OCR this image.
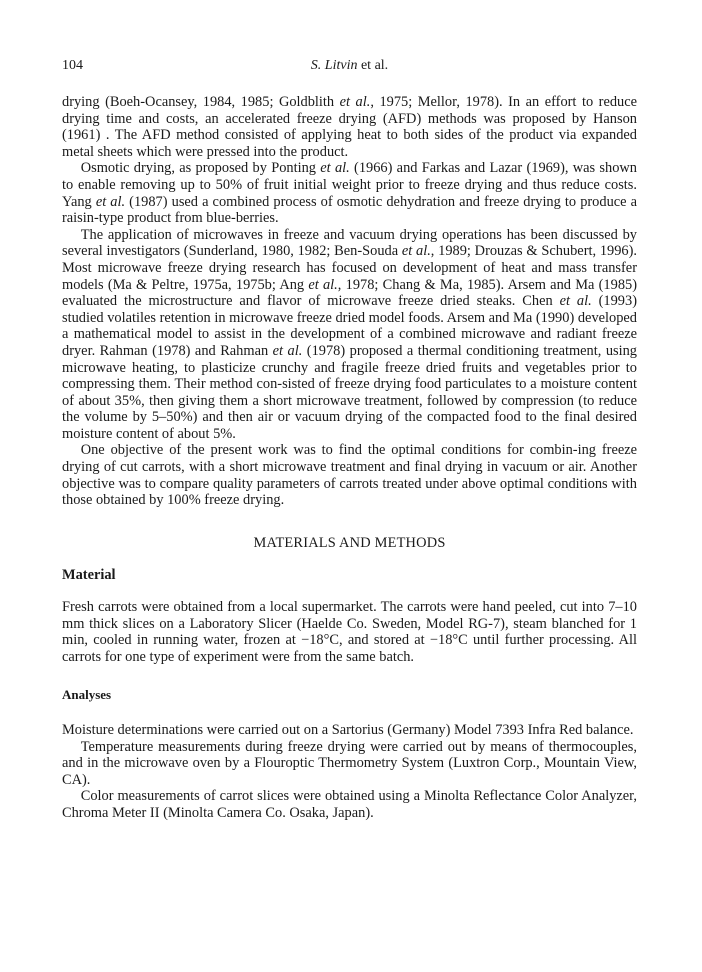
104	S. Litvin et al.

drying (Boeh-Ocansey, 1984, 1985; Goldblith et al., 1975; Mellor, 1978). In an effort to reduce drying time and costs, an accelerated freeze drying (AFD) methods was proposed by Hanson (1961) . The AFD method consisted of applying heat to both sides of the product via expanded metal sheets which were pressed into the product.

Osmotic drying, as proposed by Ponting et al. (1966) and Farkas and Lazar (1969), was shown to enable removing up to 50% of fruit initial weight prior to freeze drying and thus reduce costs. Yang et al. (1987) used a combined process of osmotic dehydration and freeze drying to produce a raisin-type product from blue-berries.

The application of microwaves in freeze and vacuum drying operations has been discussed by several investigators (Sunderland, 1980, 1982; Ben-Souda et al., 1989; Drouzas & Schubert, 1996). Most microwave freeze drying research has focused on development of heat and mass transfer models (Ma & Peltre, 1975a, 1975b; Ang et al., 1978; Chang & Ma, 1985). Arsem and Ma (1985) evaluated the microstructure and flavor of microwave freeze dried steaks. Chen et al. (1993) studied volatiles retention in microwave freeze dried model foods. Arsem and Ma (1990) developed a mathematical model to assist in the development of a combined microwave and radiant freeze dryer. Rahman (1978) and Rahman et al. (1978) proposed a thermal conditioning treatment, using microwave heating, to plasticize crunchy and fragile freeze dried fruits and vegetables prior to compressing them. Their method con-sisted of freeze drying food particulates to a moisture content of about 35%, then giving them a short microwave treatment, followed by compression (to reduce the volume by 5–50%) and then air or vacuum drying of the compacted food to the final desired moisture content of about 5%.

One objective of the present work was to find the optimal conditions for combin-ing freeze drying of cut carrots, with a short microwave treatment and final drying in vacuum or air. Another objective was to compare quality parameters of carrots treated under above optimal conditions with those obtained by 100% freeze drying.

MATERIALS AND METHODS
Material

Fresh carrots were obtained from a local supermarket. The carrots were hand peeled, cut into 7–10 mm thick slices on a Laboratory Slicer (Haelde Co. Sweden, Model RG-7), steam blanched for 1 min, cooled in running water, frozen at −18°C, and stored at −18°C until further processing. All carrots for one type of experiment were from the same batch.

Analyses

Moisture determinations were carried out on a Sartorius (Germany) Model 7393 Infra Red balance.

Temperature measurements during freeze drying were carried out by means of thermocouples, and in the microwave oven by a Flouroptic Thermometry System (Luxtron Corp., Mountain View, CA).

Color measurements of carrot slices were obtained using a Minolta Reflectance Color Analyzer, Chroma Meter II (Minolta Camera Co. Osaka, Japan).
